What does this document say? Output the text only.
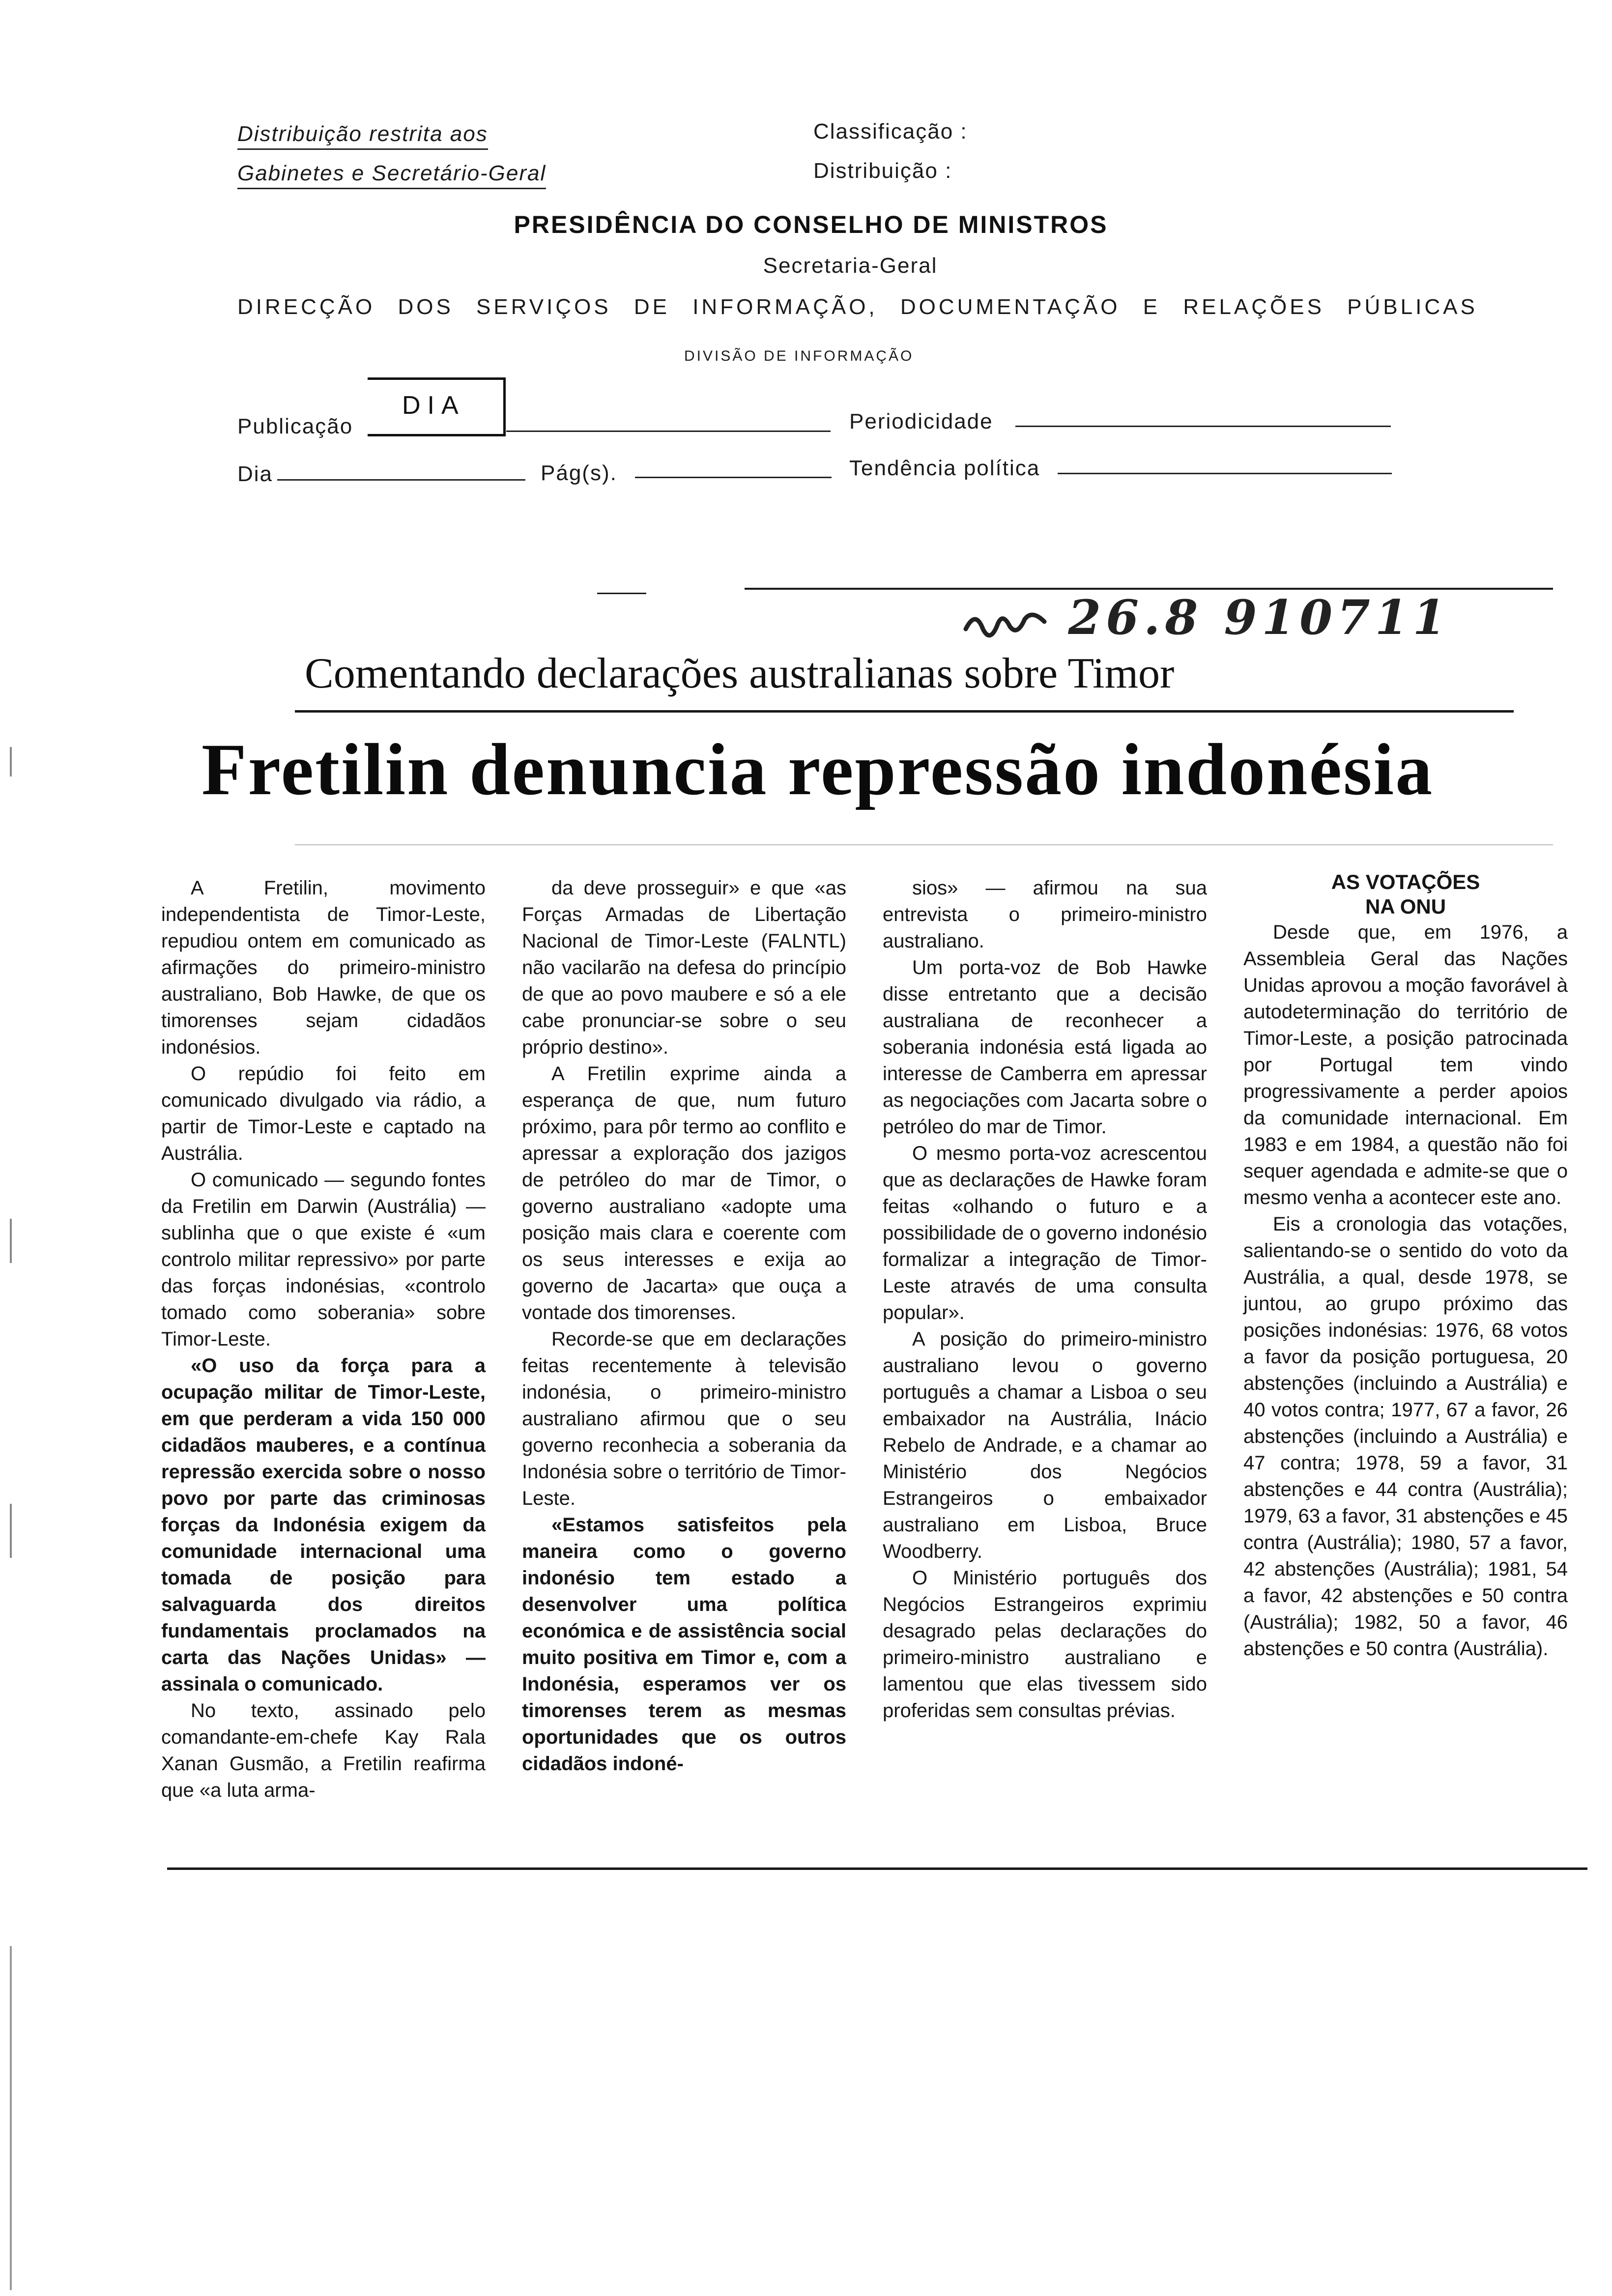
Distribuição restrita aos
Gabinetes e Secretário-Geral
Classificação :
Distribuição :
PRESIDÊNCIA DO CONSELHO DE MINISTROS
Secretaria-Geral
DIRECÇÃO DOS SERVIÇOS DE INFORMAÇÃO, DOCUMENTAÇÃO E RELAÇÕES PÚBLICAS
DIVISÃO DE INFORMAÇÃO
Publicação
DIA
Periodicidade
Dia	Pág(s).	Tendência política
26.8 910711
Comentando declarações australianas sobre Timor
Fretilin denuncia repressão indonésia

A Fretilin, movimento independentista de Timor-Leste, repudiou ontem em comunicado as afirmações do primeiro-ministro australiano, Bob Hawke, de que os timorenses sejam cidadãos indonésios.

O repúdio foi feito em comunicado divulgado via rádio, a partir de Timor-Leste e captado na Austrália.

O comunicado — segundo fontes da Fretilin em Darwin (Austrália) — sublinha que o que existe é «um controlo militar repressivo» por parte das forças indonésias, «controlo tomado como soberania» sobre Timor-Leste.

«O uso da força para a ocupação militar de Timor-Leste, em que perderam a vida 150 000 cidadãos mauberes, e a contínua repressão exercida sobre o nosso povo por parte das criminosas forças da Indonésia exigem da comunidade internacional uma tomada de posição para salvaguarda dos direitos fundamentais proclamados na carta das Nações Unidas» — assinala o comunicado.

No texto, assinado pelo comandante-em-chefe Kay Rala Xanan Gusmão, a Fretilin reafirma que «a luta arma-

da deve prosseguir» e que «as Forças Armadas de Libertação Nacional de Timor-Leste (FALNTL) não vacilarão na defesa do princípio de que ao povo maubere e só a ele cabe pronunciar-se sobre o seu próprio destino».

A Fretilin exprime ainda a esperança de que, num futuro próximo, para pôr termo ao conflito e apressar a exploração dos jazigos de petróleo do mar de Timor, o governo australiano «adopte uma posição mais clara e coerente com os seus interesses e exija ao governo de Jacarta» que ouça a vontade dos timorenses.

Recorde-se que em declarações feitas recentemente à televisão indonésia, o primeiro-ministro australiano afirmou que o seu governo reconhecia a soberania da Indonésia sobre o território de Timor-Leste.

«Estamos satisfeitos pela maneira como o governo indonésio tem estado a desenvolver uma política económica e de assistência social muito positiva em Timor e, com a Indonésia, esperamos ver os timorenses terem as mesmas oportunidades que os outros cidadãos indoné-

sios» — afirmou na sua entrevista o primeiro-ministro australiano.

Um porta-voz de Bob Hawke disse entretanto que a decisão australiana de reconhecer a soberania indonésia está ligada ao interesse de Camberra em apressar as negociações com Jacarta sobre o petróleo do mar de Timor.

O mesmo porta-voz acrescentou que as declarações de Hawke foram feitas «olhando o futuro e a possibilidade de o governo indonésio formalizar a integração de Timor-Leste através de uma consulta popular».

A posição do primeiro-ministro australiano levou o governo português a chamar a Lisboa o seu embaixador na Austrália, Inácio Rebelo de Andrade, e a chamar ao Ministério dos Negócios Estrangeiros o embaixador australiano em Lisboa, Bruce Woodberry.

O Ministério português dos Negócios Estrangeiros exprimiu desagrado pelas declarações do primeiro-ministro australiano e lamentou que elas tivessem sido proferidas sem consultas prévias.

AS VOTAÇÕES
NA ONU

Desde que, em 1976, a Assembleia Geral das Nações Unidas aprovou a moção favorável à autodeterminação do território de Timor-Leste, a posição patrocinada por Portugal tem vindo progressivamente a perder apoios da comunidade internacional. Em 1983 e em 1984, a questão não foi sequer agendada e admite-se que o mesmo venha a acontecer este ano.

Eis a cronologia das votações, salientando-se o sentido do voto da Austrália, a qual, desde 1978, se juntou, ao grupo próximo das posições indonésias: 1976, 68 votos a favor da posição portuguesa, 20 abstenções (incluindo a Austrália) e 40 votos contra; 1977, 67 a favor, 26 abstenções (incluindo a Austrália) e 47 contra; 1978, 59 a favor, 31 abstenções e 44 contra (Austrália); 1979, 63 a favor, 31 abstenções e 45 contra (Austrália); 1980, 57 a favor, 42 abstenções (Austrália); 1981, 54 a favor, 42 abstenções e 50 contra (Austrália); 1982, 50 a favor, 46 abstenções e 50 contra (Austrália).
